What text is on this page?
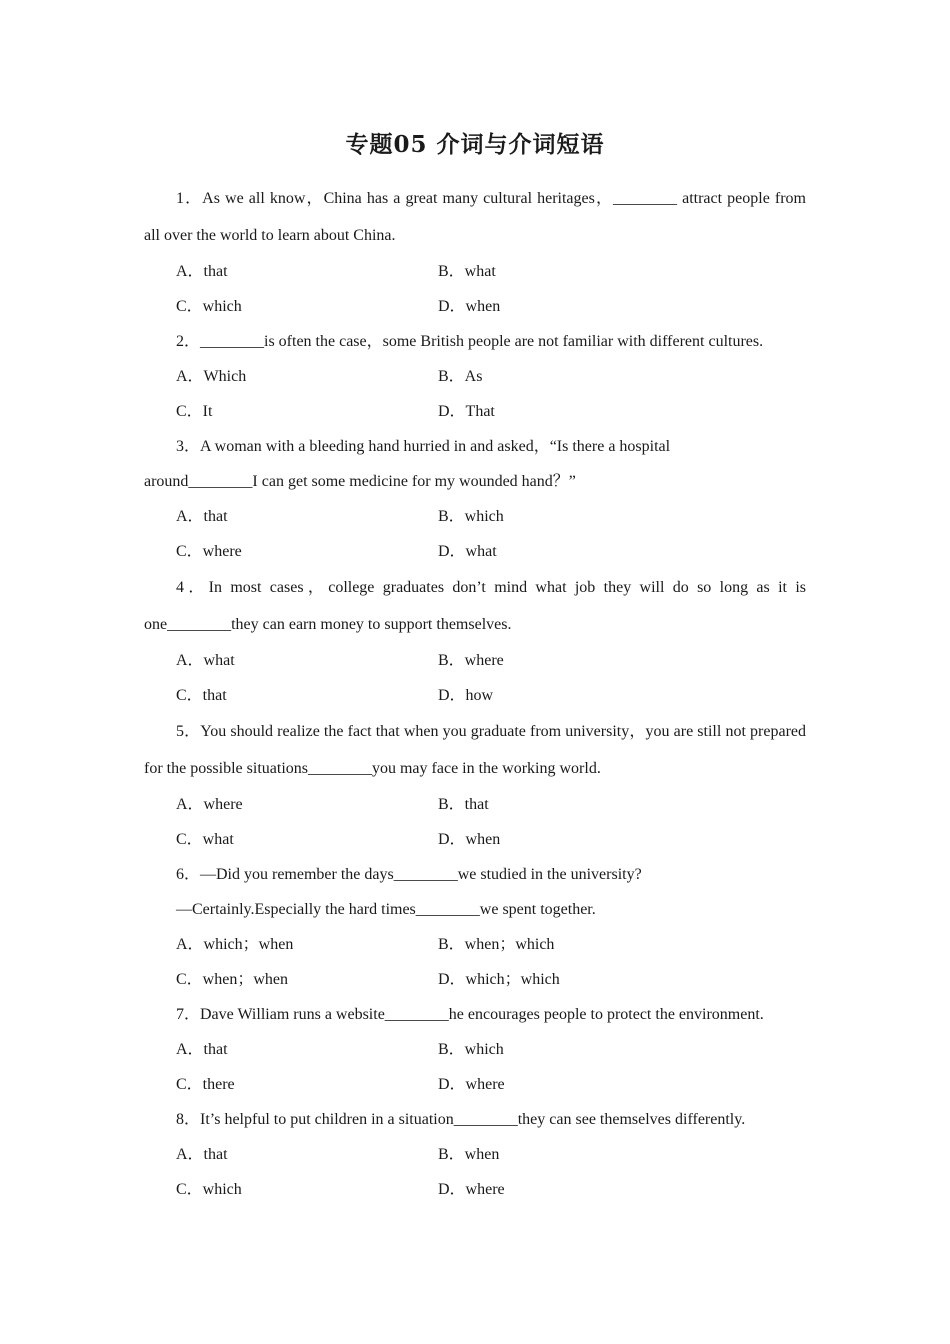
专题05 介词与介词短语
1．As we all know，China has a great many cultural heritages，________ attract people from all over the world to learn about China.
A．that	B．what
C．which	D．when
2．________is often the case，some British people are not familiar with different cultures.
A．Which	B．As
C．It	D．That
3．A woman with a bleeding hand hurried in and asked，“Is there a hospital
around________I can get some medicine for my wounded hand？”
A．that	B．which
C．where	D．what
4．In most cases，college graduates don’t mind what job they will do so long as it is one________they can earn money to support themselves.
A．what	B．where
C．that	D．how
5．You should realize the fact that when you graduate from university，you are still not prepared for the possible situations________you may face in the working world.
A．where	B．that
C．what	D．when
6．—Did you remember the days________we studied in the university?
—Certainly.Especially the hard times________we spent together.
A．which；when	B．when；which
C．when；when	D．which；which
7．Dave William runs a website________he encourages people to protect the environment.
A．that	B．which
C．there	D．where
8．It’s helpful to put children in a situation________they can see themselves differently.
A．that	B．when
C．which	D．where
